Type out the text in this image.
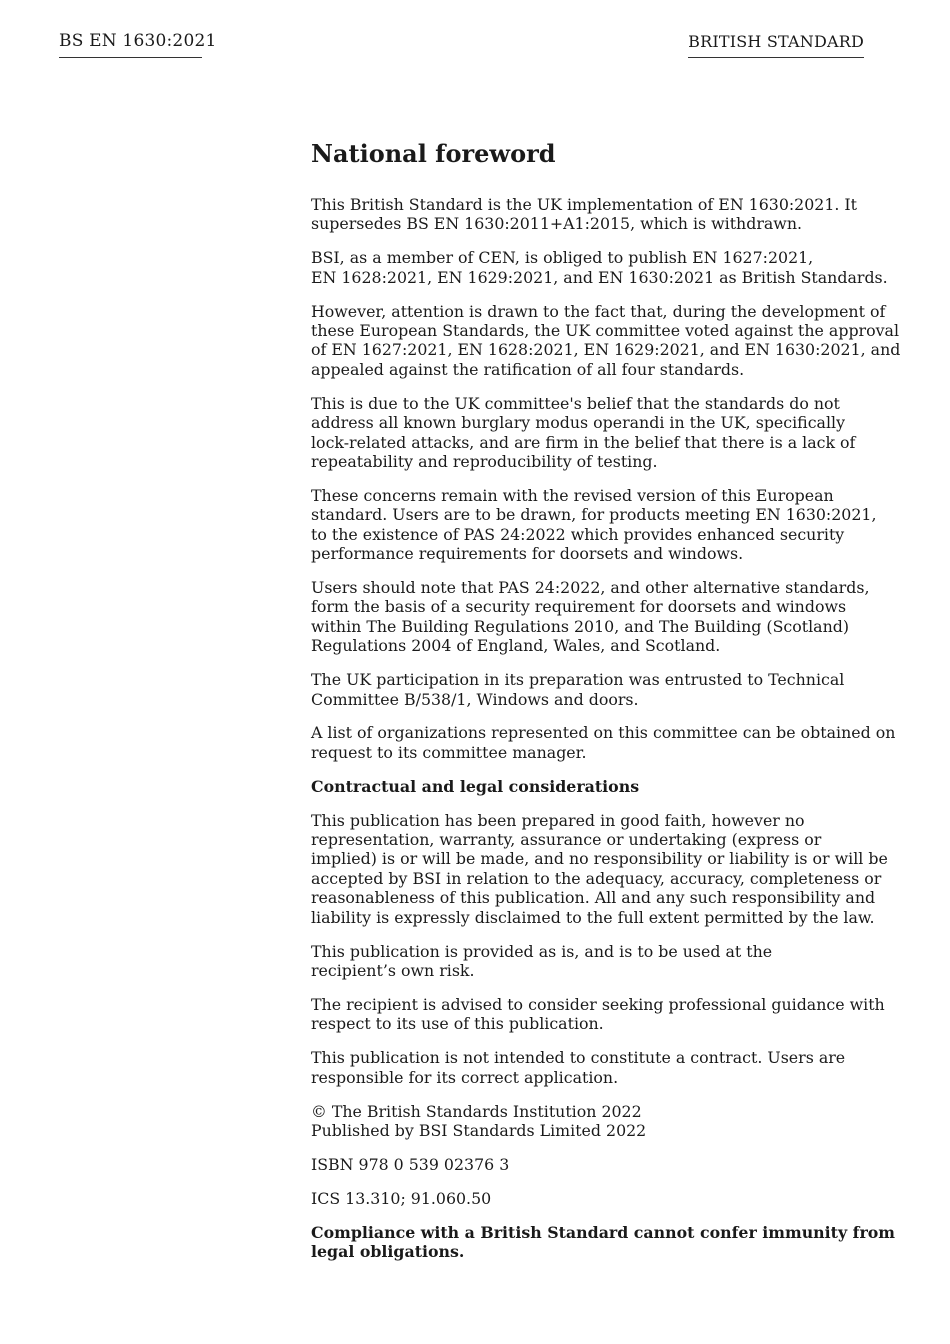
BS EN 1630:2021	BRITISH STANDARD
National foreword

This British Standard is the UK implementation of EN 1630:2021. It
supersedes BS EN 1630:2011+A1:2015, which is withdrawn.

BSI, as a member of CEN, is obliged to publish EN 1627:2021,
EN 1628:2021, EN 1629:2021, and EN 1630:2021 as British Standards.

However, attention is drawn to the fact that, during the development of
these European Standards, the UK committee voted against the approval
of EN 1627:2021, EN 1628:2021, EN 1629:2021, and EN 1630:2021, and
appealed against the ratification of all four standards.

This is due to the UK committee's belief that the standards do not
address all known burglary modus operandi in the UK, specifically
lock-related attacks, and are firm in the belief that there is a lack of
repeatability and reproducibility of testing.

These concerns remain with the revised version of this European
standard. Users are to be drawn, for products meeting EN 1630:2021,
to the existence of PAS 24:2022 which provides enhanced security
performance requirements for doorsets and windows.

Users should note that PAS 24:2022, and other alternative standards,
form the basis of a security requirement for doorsets and windows
within The Building Regulations 2010, and The Building (Scotland)
Regulations 2004 of England, Wales, and Scotland.

The UK participation in its preparation was entrusted to Technical
Committee B/538/1, Windows and doors.

A list of organizations represented on this committee can be obtained on
request to its committee manager.

Contractual and legal considerations

This publication has been prepared in good faith, however no
representation, warranty, assurance or undertaking (express or
implied) is or will be made, and no responsibility or liability is or will be
accepted by BSI in relation to the adequacy, accuracy, completeness or
reasonableness of this publication. All and any such responsibility and
liability is expressly disclaimed to the full extent permitted by the law.

This publication is provided as is, and is to be used at the
recipient’s own risk.

The recipient is advised to consider seeking professional guidance with
respect to its use of this publication.

This publication is not intended to constitute a contract. Users are
responsible for its correct application.

© The British Standards Institution 2022
Published by BSI Standards Limited 2022

ISBN 978 0 539 02376 3

ICS 13.310; 91.060.50

Compliance with a British Standard cannot confer immunity from
legal obligations.
